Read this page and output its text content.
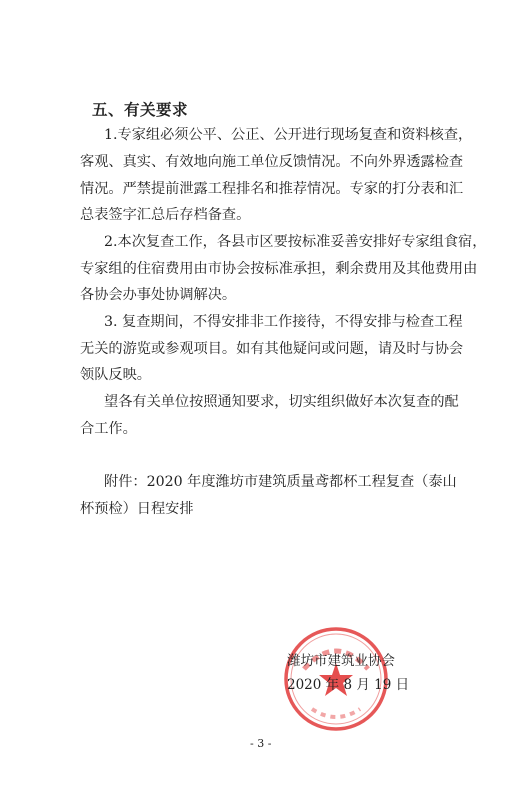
五、有关要求
1.专家组必须公平、公正、公开进行现场复查和资料核查，
客观、真实、有效地向施工单位反馈情况。不向外界透露检查
情况。严禁提前泄露工程排名和推荐情况。专家的打分表和汇
总表签字汇总后存档备查。
2.本次复查工作，各县市区要按标准妥善安排好专家组食宿，
专家组的住宿费用由市协会按标准承担，剩余费用及其他费用由
各协会办事处协调解决。
3. 复查期间，不得安排非工作接待，不得安排与检查工程
无关的游览或参观项目。如有其他疑问或问题，请及时与协会
领队反映。
望各有关单位按照通知要求，切实组织做好本次复查的配
合工作。
附件：2020 年度潍坊市建筑质量鸢都杯工程复查（泰山
杯预检）日程安排
潍坊市建筑业协会
2020 年 8 月 19 日
- 3 -
